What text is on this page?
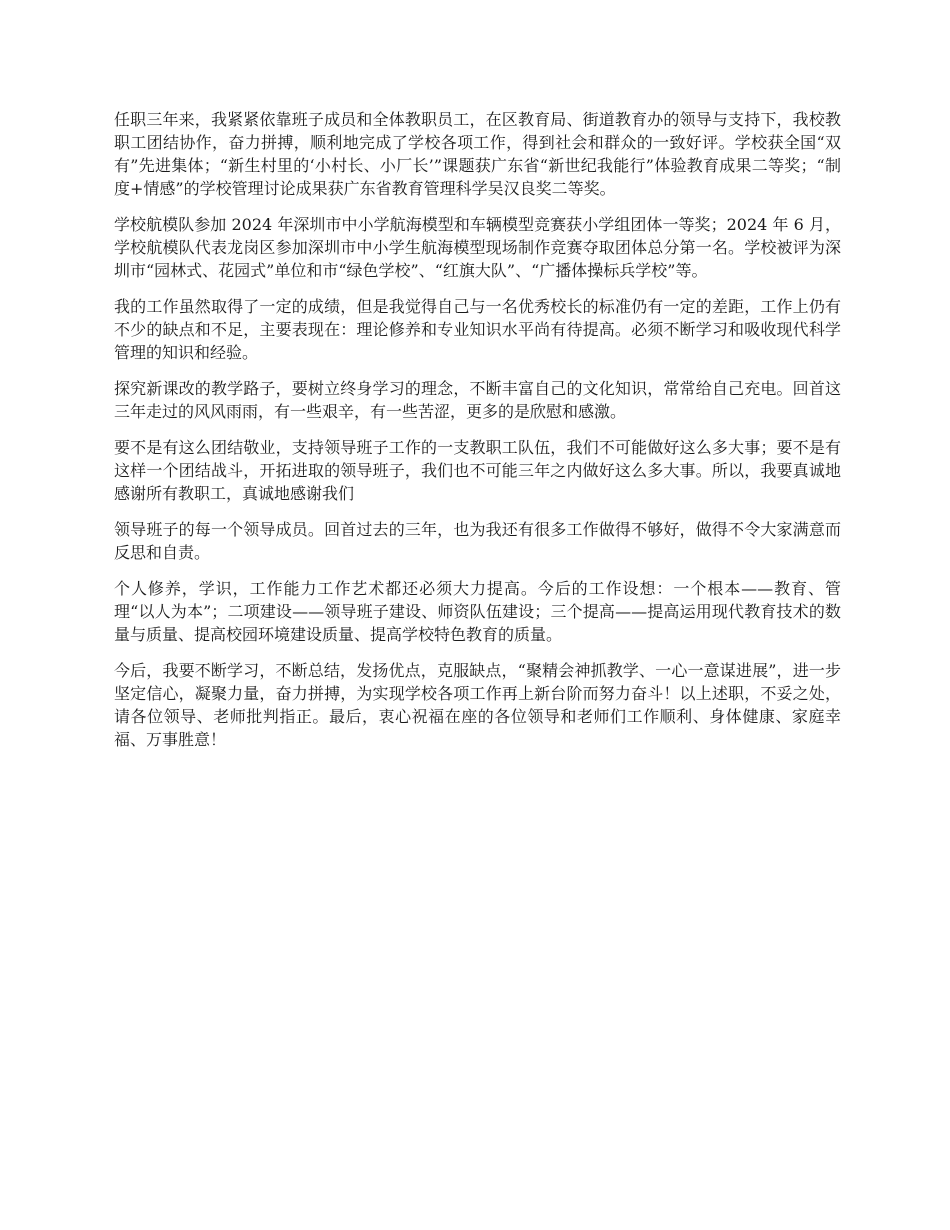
任职三年来，我紧紧依靠班子成员和全体教职员工，在区教育局、街道教育办的领导与支持下，我校教职工团结协作，奋力拼搏，顺利地完成了学校各项工作，得到社会和群众的一致好评。学校获全国“双有”先进集体；“新生村里的‘小村长、小厂长’”课题获广东省“新世纪我能行”体验教育成果二等奖；“制度+情感”的学校管理讨论成果获广东省教育管理科学吴汉良奖二等奖。

学校航模队参加 2024 年深圳市中小学航海模型和车辆模型竞赛获小学组团体一等奖；2024 年 6 月，学校航模队代表龙岗区参加深圳市中小学生航海模型现场制作竞赛夺取团体总分第一名。学校被评为深圳市“园林式、花园式”单位和市“绿色学校”、“红旗大队”、“广播体操标兵学校”等。

我的工作虽然取得了一定的成绩，但是我觉得自己与一名优秀校长的标准仍有一定的差距，工作上仍有不少的缺点和不足，主要表现在：理论修养和专业知识水平尚有待提高。必须不断学习和吸收现代科学管理的知识和经验。

探究新课改的教学路子，要树立终身学习的理念，不断丰富自己的文化知识，常常给自己充电。回首这三年走过的风风雨雨，有一些艰辛，有一些苦涩，更多的是欣慰和感激。

要不是有这么团结敬业，支持领导班子工作的一支教职工队伍，我们不可能做好这么多大事；要不是有这样一个团结战斗，开拓进取的领导班子，我们也不可能三年之内做好这么多大事。所以，我要真诚地感谢所有教职工，真诚地感谢我们

领导班子的每一个领导成员。回首过去的三年，也为我还有很多工作做得不够好，做得不令大家满意而反思和自责。

个人修养，学识，工作能力工作艺术都还必须大力提高。今后的工作设想：一个根本——教育、管理“以人为本”；二项建设——领导班子建设、师资队伍建设；三个提高——提高运用现代教育技术的数量与质量、提高校园环境建设质量、提高学校特色教育的质量。

今后，我要不断学习，不断总结，发扬优点，克服缺点，“聚精会神抓教学、一心一意谋进展”，进一步坚定信心，凝聚力量，奋力拼搏，为实现学校各项工作再上新台阶而努力奋斗！以上述职，不妥之处，请各位领导、老师批判指正。最后，衷心祝福在座的各位领导和老师们工作顺利、身体健康、家庭幸福、万事胜意！
